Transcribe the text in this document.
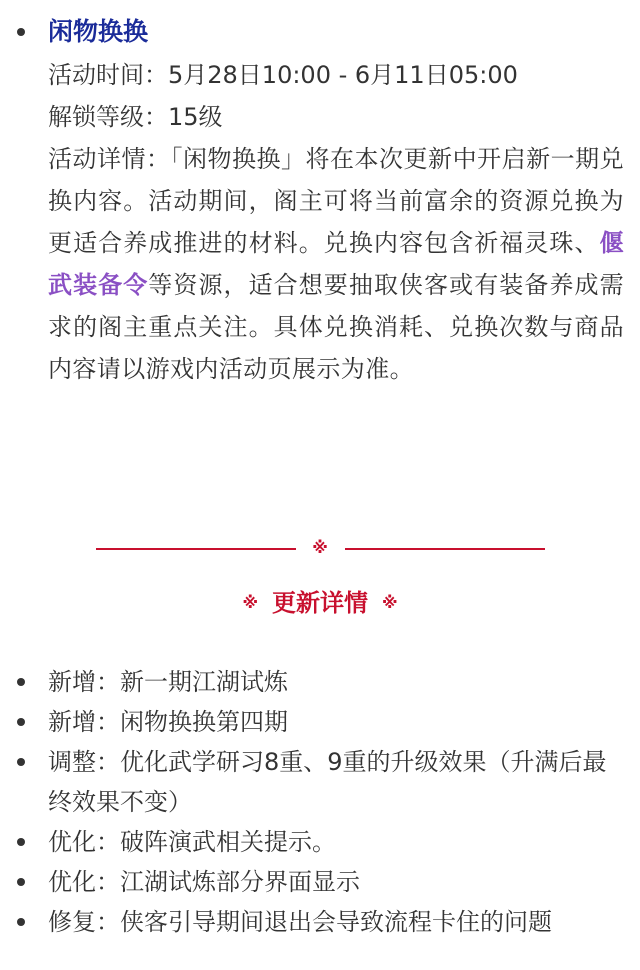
闲物换换
活动时间：5月28日10:00 - 6月11日05:00
解锁等级：15级
活动详情：「闲物换换」将在本次更新中开启新一期兑换内容。活动期间，阁主可将当前富余的资源兑换为更适合养成推进的材料。兑换内容包含祈福灵珠、偃武装备令等资源，适合想要抽取侠客或有装备养成需求的阁主重点关注。具体兑换消耗、兑换次数与商品内容请以游戏内活动页展示为准。
※
※ 更新详情 ※
新增：新一期江湖试炼
新增：闲物换换第四期
调整：优化武学研习8重、9重的升级效果（升满后最终效果不变）
优化：破阵演武相关提示。
优化：江湖试炼部分界面显示
修复：侠客引导期间退出会导致流程卡住的问题
